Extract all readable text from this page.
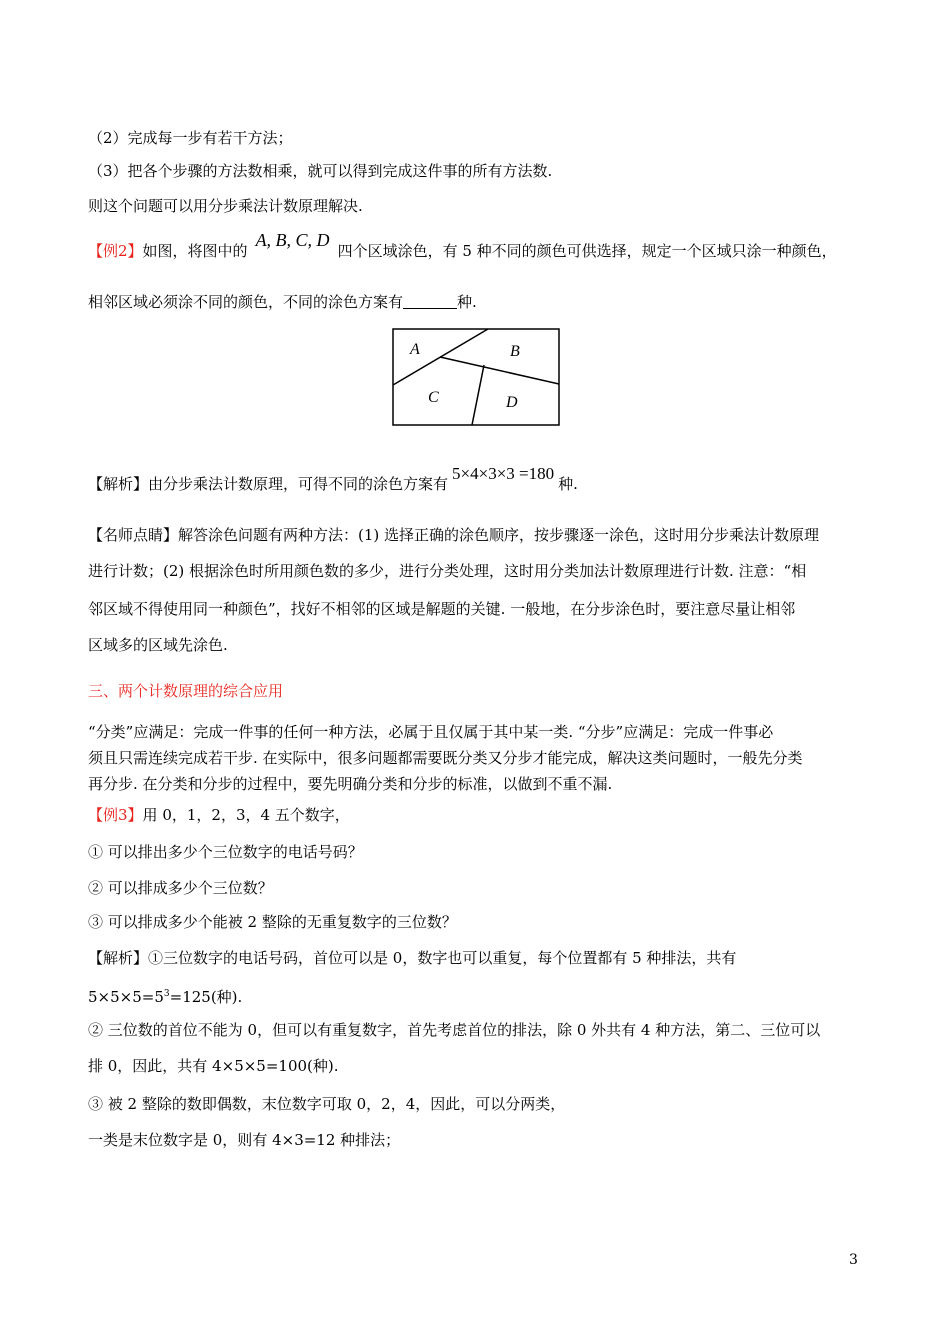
（2）完成每一步有若干方法；
（3）把各个步骤的方法数相乘，就可以得到完成这件事的所有方法数.
则这个问题可以用分步乘法计数原理解决.
【例2】如图，将图中的A, B, C, D四个区域涂色，有 5 种不同的颜色可供选择，规定一个区域只涂一种颜色，
相邻区域必须涂不同的颜色，不同的涂色方案有	种.
A	B
C	D
【解析】由分步乘法计数原理，可得不同的涂色方案有5×4×3×3 =180种.
【名师点睛】解答涂色问题有两种方法：(1) 选择正确的涂色顺序，按步骤逐一涂色，这时用分步乘法计数原理
进行计数；(2) 根据涂色时所用颜色数的多少，进行分类处理，这时用分类加法计数原理进行计数. 注意：“相
邻区域不得使用同一种颜色”，找好不相邻的区域是解题的关键. 一般地，在分步涂色时，要注意尽量让相邻
区域多的区域先涂色.
三、两个计数原理的综合应用
“分类”应满足：完成一件事的任何一种方法，必属于且仅属于其中某一类. “分步”应满足：完成一件事必
须且只需连续完成若干步. 在实际中，很多问题都需要既分类又分步才能完成，解决这类问题时，一般先分类
再分步. 在分类和分步的过程中，要先明确分类和分步的标准，以做到不重不漏.
【例3】用 0，1，2，3，4 五个数字，
① 可以排出多少个三位数字的电话号码？
② 可以排成多少个三位数？
③ 可以排成多少个能被 2 整除的无重复数字的三位数？
【解析】①三位数字的电话号码，首位可以是 0，数字也可以重复，每个位置都有 5 种排法，共有
$5\times 5\times 5=5^3=125$(种).
② 三位数的首位不能为 0，但可以有重复数字，首先考虑首位的排法，除 0 外共有 4 种方法，第二、三位可以
排 0，因此，共有 4×5×5=100(种).
③ 被 2 整除的数即偶数，末位数字可取 0，2，4，因此，可以分两类，
一类是末位数字是 0，则有 4×3=12 种排法；
3
